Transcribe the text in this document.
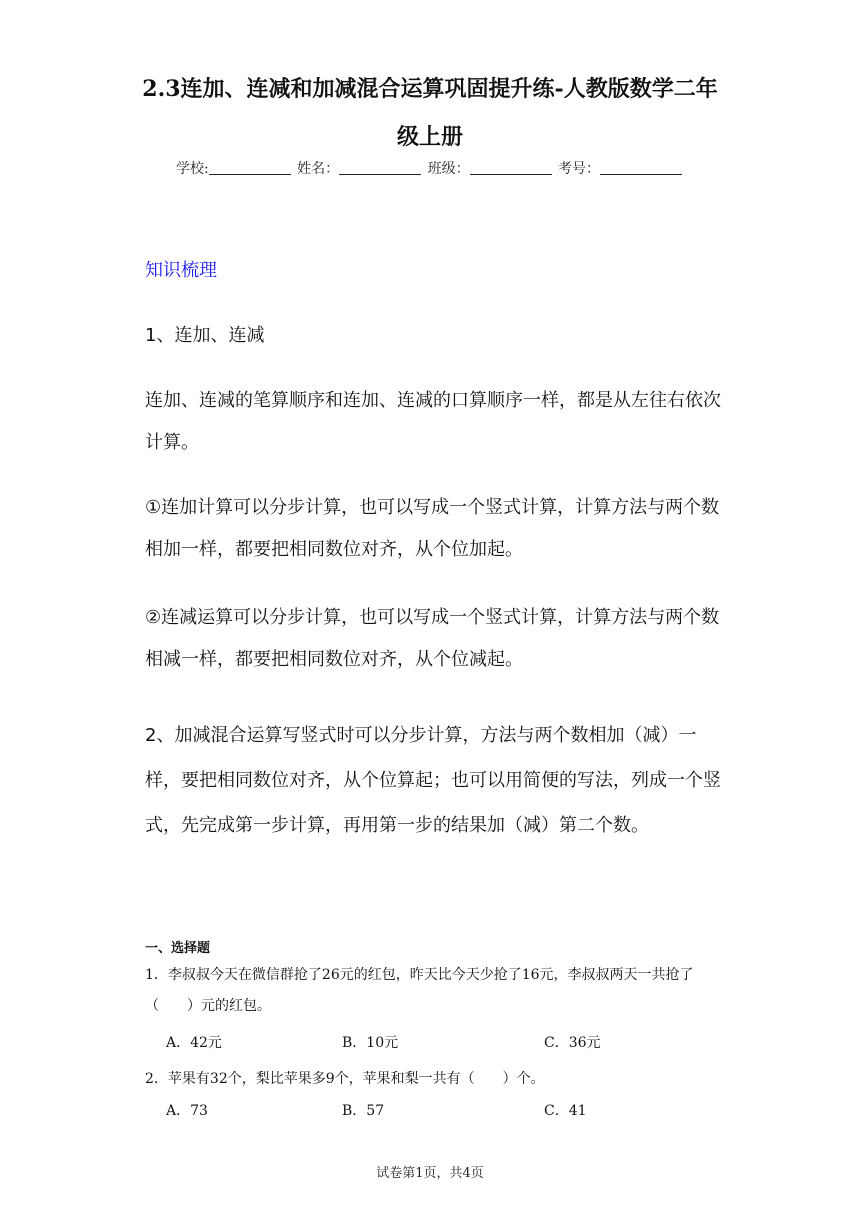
2.3连加、连减和加减混合运算巩固提升练-人教版数学二年
级上册
学校:	姓名：	班级：	考号：
知识梳理
1、连加、连减
连加、连减的笔算顺序和连加、连减的口算顺序一样，都是从左往右依次计算。
①连加计算可以分步计算，也可以写成一个竖式计算，计算方法与两个数相加一样，都要把相同数位对齐，从个位加起。
②连减运算可以分步计算，也可以写成一个竖式计算，计算方法与两个数相减一样，都要把相同数位对齐，从个位减起。
2、加减混合运算写竖式时可以分步计算，方法与两个数相加（减）一样，要把相同数位对齐，从个位算起；也可以用简便的写法，列成一个竖式，先完成第一步计算，再用第一步的结果加（减）第二个数。
一、选择题
1．李叔叔今天在微信群抢了26元的红包，昨天比今天少抢了16元，李叔叔两天一共抢了（　　）元的红包。
A．42元	B．10元	C．36元
2．苹果有32个，梨比苹果多9个，苹果和梨一共有（　　）个。
A．73	B．57	C．41
试卷第1页，共4页
